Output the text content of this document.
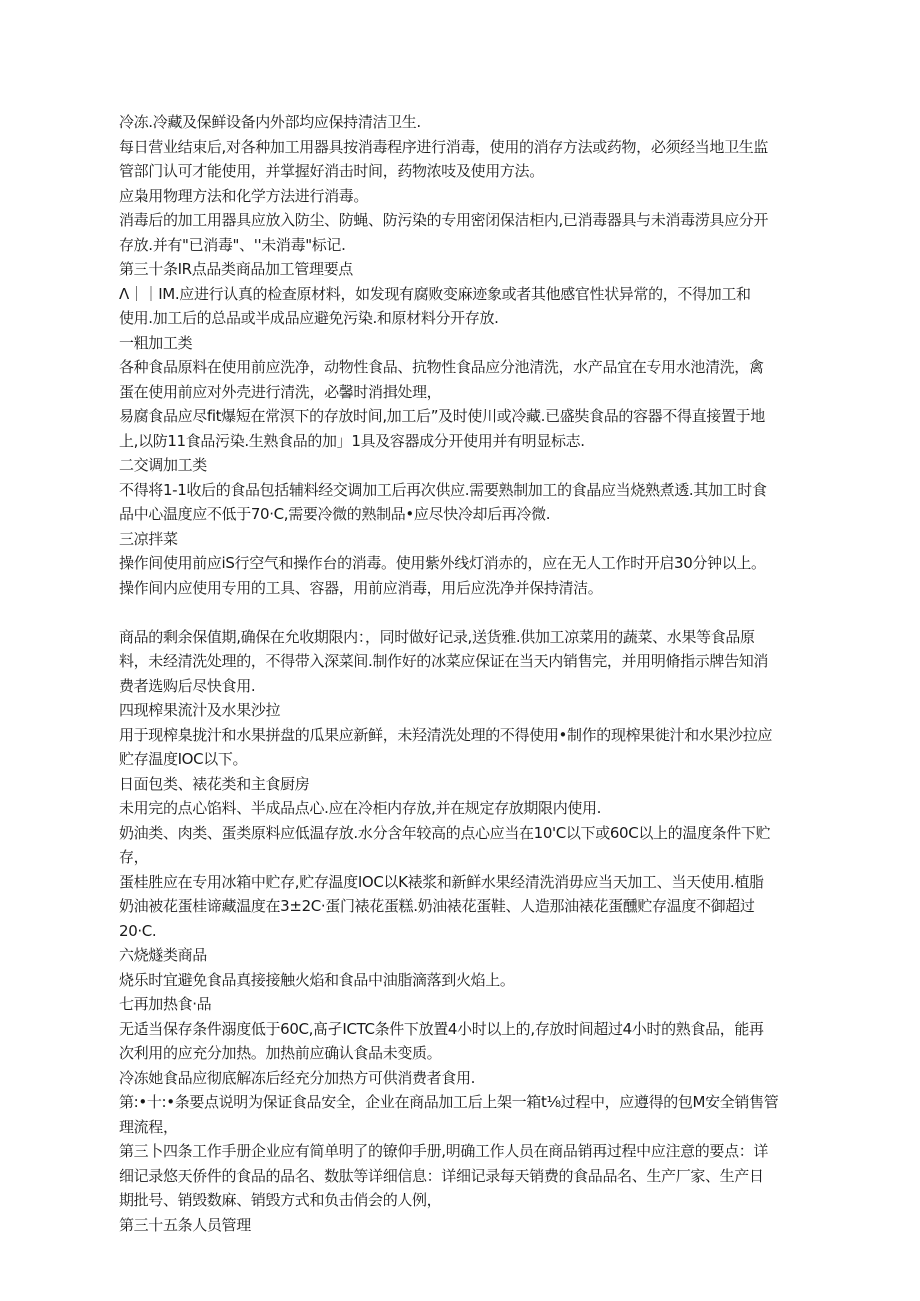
冷冻.冷藏及保鲜设备内外部均应保持清洁卫生.
每日营业结束后,对各种加工用器具按消毒程序进行消毒，使用的消存方法或药物，必须经当地卫生监
管部门认可才能使用，并掌握好消击时间，药物浓吱及使用方法。
应枭用物理方法和化学方法进行消毒。
消毒后的加工用器具应放入防尘、防蝇、防污染的专用密闭保洁柜内,已消毒器具与未消毒涝具应分开
存放.并有"已消毒"、''未消毒"标记.
第三十条IR点品类商品加工管理要点
Λ｜｜IM.应进行认真的检查原材料，如发现有腐败变麻迹象或者其他感官性状异常的，不得加工和
使用.加工后的总品或半成品应避免污染.和原材料分开存放.
一粗加工类
各种食品原料在使用前应洗净，动物性食品、抗物性食品应分池清洗，水产品宜在专用水池清洗，禽
蛋在使用前应对外壳进行清洗，必馨时消揖处理，
易腐食品应尽fit爆短在常溟下的存放时间,加工后”及时使川或冷藏.已盛奘食品的容器不得直接置于地
上,以防11食品污染.生熟食品的加」1具及容器成分开使用并有明显标志.
二交调加工类
不得将1-1收后的食品包括辅料经交调加工后再次供应.需要熟制加工的食晶应当烧熟煮透.其加工时食
品中心温度应不低于70·C,需要冷微的熟制品•应尽快冷却后再冷微.
三凉拌菜
操作间使用前应iS行空气和操作台的消毒。使用紫外线灯消赤的，应在无人工作时开启30分钟以上。
操作间内应使用专用的工具、容器，用前应消毒，用后应洗净并保持清洁。
商品的剩余保值期,确保在允收期限内：，同时做好记录,送货雅.供加工凉菜用的蔬菜、水果等食品原
料，未经清洗处理的，不得带入深菜间.制作好的冰菜应保证在当天内销售完，并用明脩指示牌告知消
费者选购后尽快食用.
四现榨果流汁及水果沙拉
用于现榨臬拢汁和水果拼盘的瓜果应新鲜，未羟清洗处理的不得使用•制作的现榨果徙汁和水果沙拉应
贮存温度IOC以下。
日面包类、裱花类和主食厨房
未用完的点心馅料、半成品点心.应在冷柜内存放,并在规定存放期限内使用.
奶油类、肉类、蛋类原料应低温存放.水分含年较高的点心应当在10'C以下或60C以上的温度条件下贮
存，
蛋桂胜应在专用冰箱中贮存,贮存温度IOC以K裱浆和新鲜水果经清洗消毋应当天加工、当天使用.植脂
奶油被花蛋桂谛藏温度在3±2C·蛋门裱花蛋糕.奶油裱花蛋鞋、人造那油裱花蛋醺贮存温度不御超过
20·C.
六烧燧类商品
烧乐时宜避免食品真接接触火焰和食品中油脂滴落到火焰上。
七再加热食·品
无适当保存条件溺度低于60C,髙孑ICTC条件下放置4小时以上的,存放时间超过4小时的熟食品，能再
次利用的应充分加热。加热前应确认食品未变质。
冷冻她食品应彻底解冻后经充分加热方可供消费者食用.
第:•十:•条要点说明为保证食品安全，企业在商品加工后上架一箱t⅛过程中，应遵得的包M安全销售管
理流程，
第三卜四条工作手册企业应有简单明了的镣仰手册,明确工作人员在商品销再过程中应注意的要点：详
细记录悠天侨件的食品的品名、数肽等详细信息：详细记录每天销费的食品品名、生产厂家、生产日
期批号、销毁数麻、销毁方式和负击俏会的人例，
第三十五条人员管理
